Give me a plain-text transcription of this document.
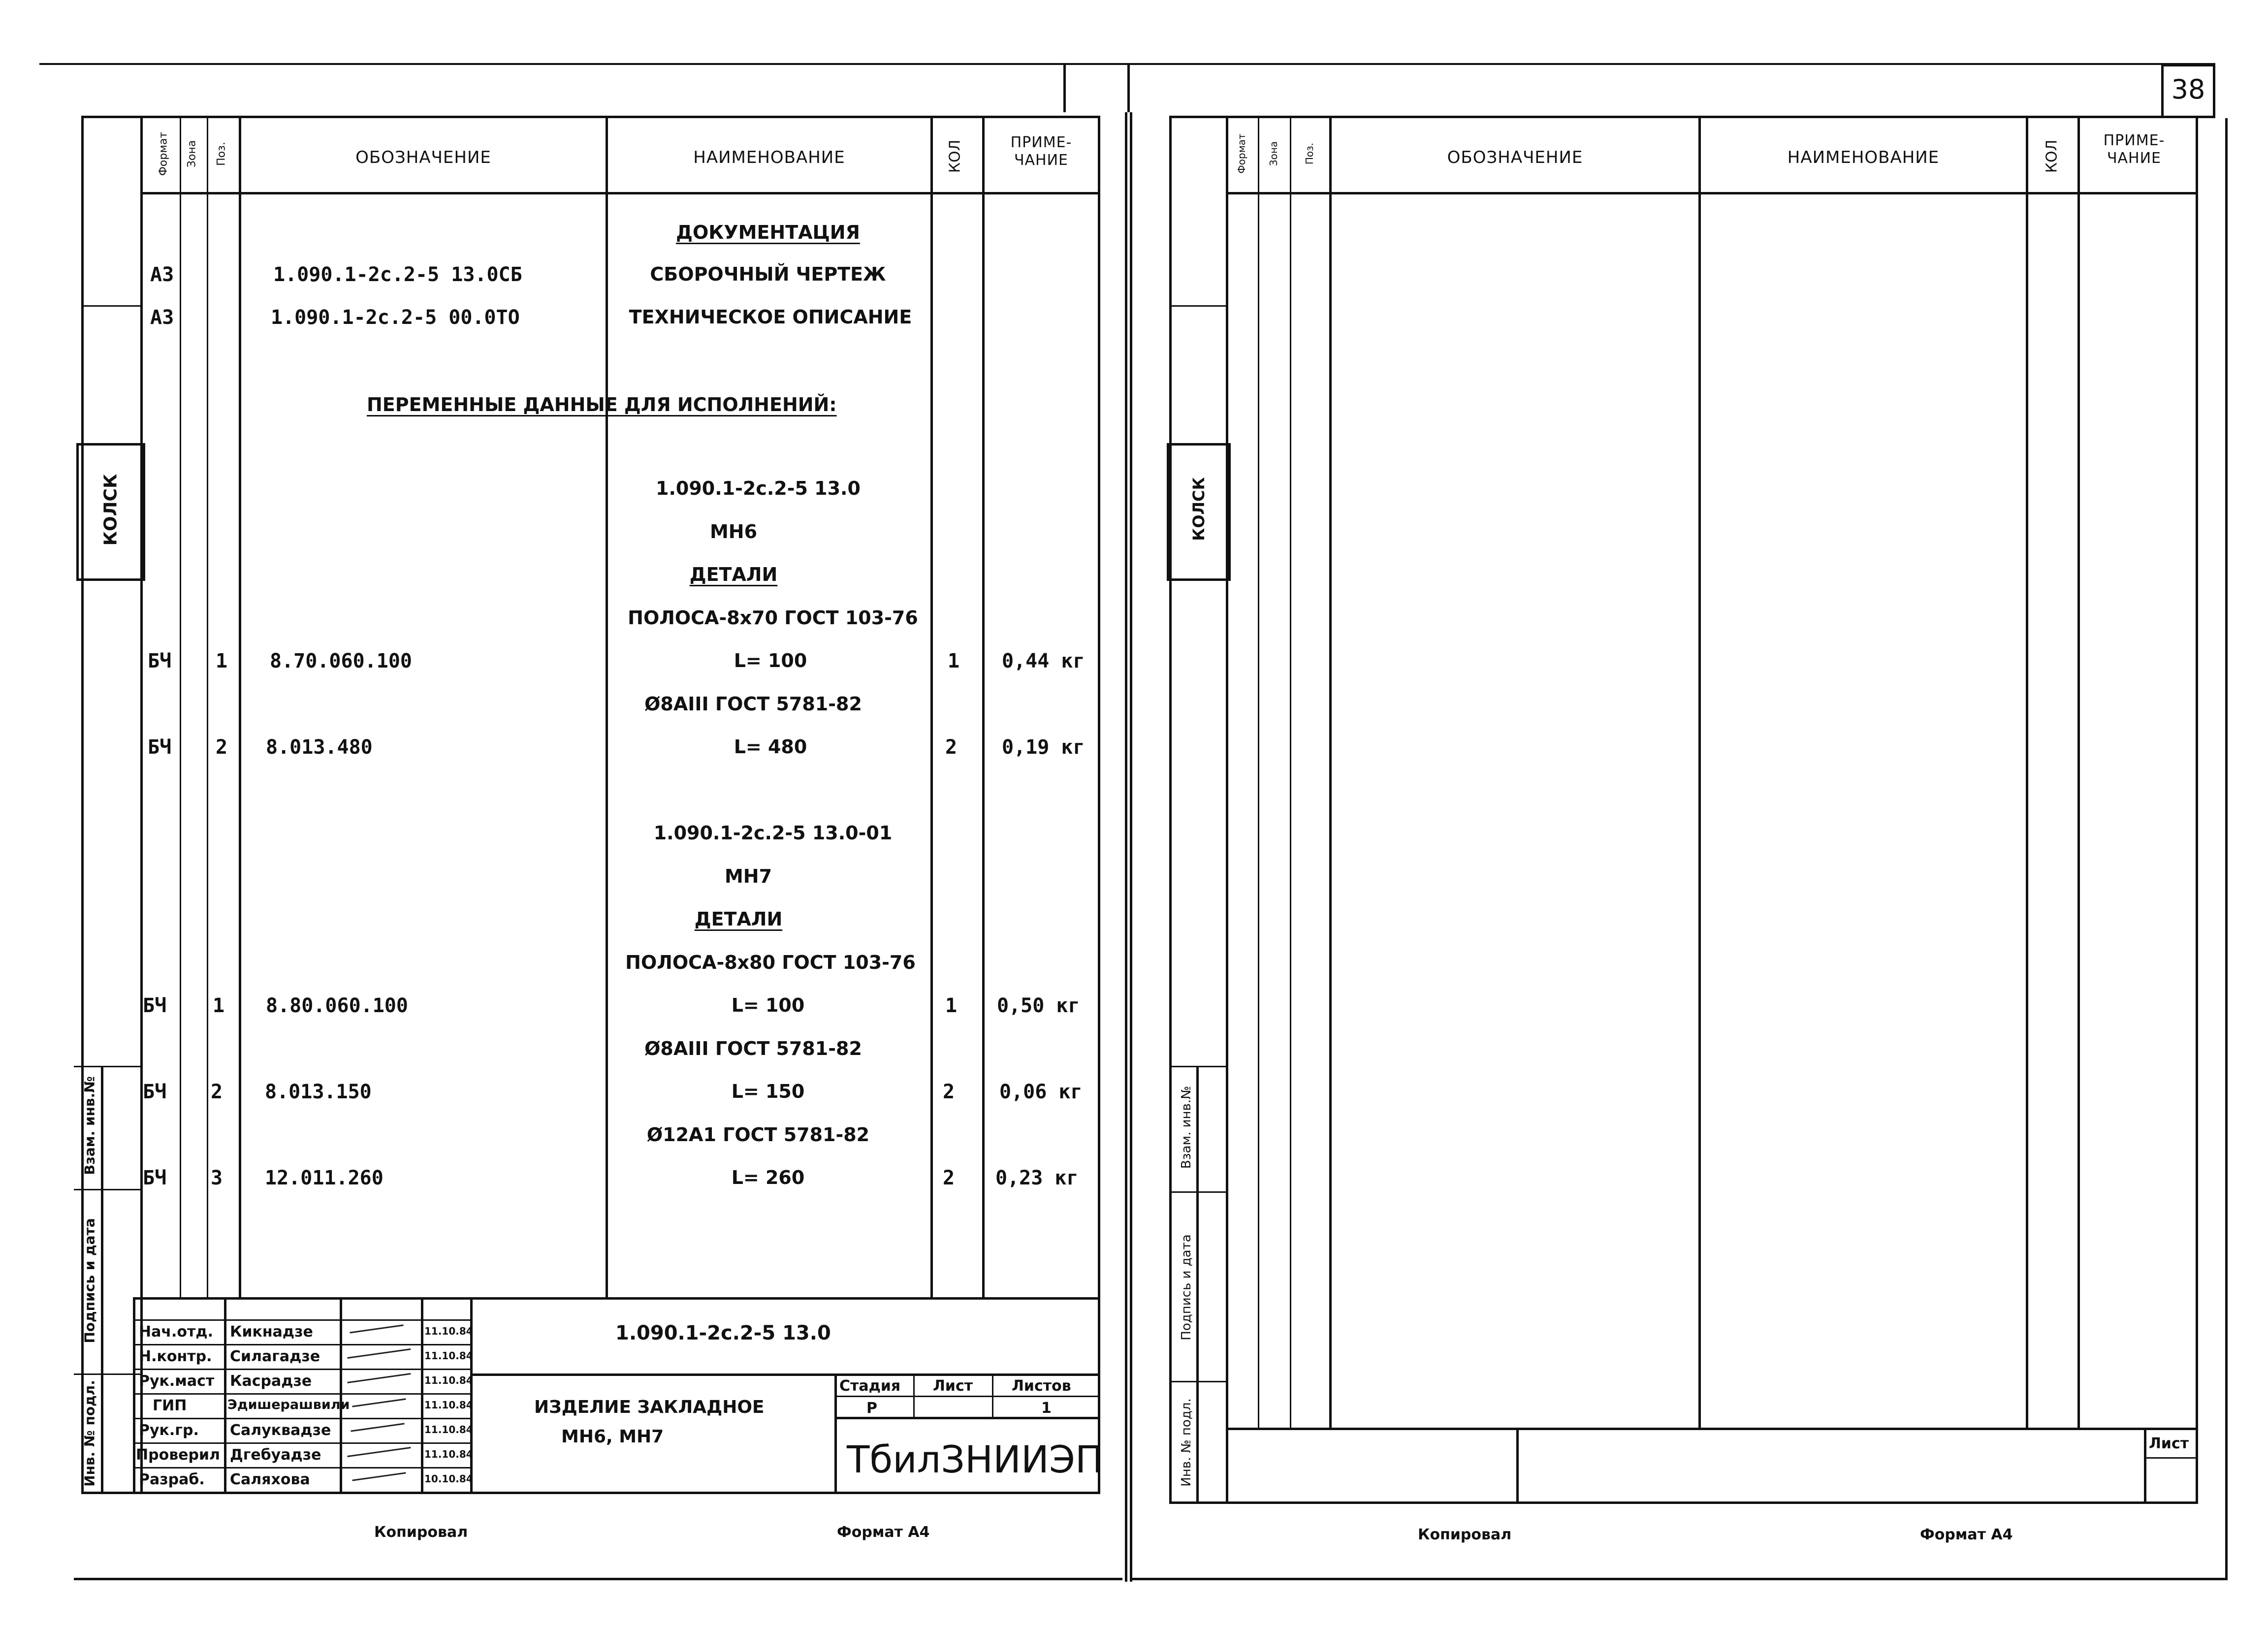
38
КОЛСК
Взам. инв.№
Подпись и дата
Инв. № подл.
Формат Зона Поз.	ОБОЗНАЧЕНИЕ	НАИМЕНОВАНИЕ	КОЛ	ПРИМЕ-ЧАНИЕ
ДОКУМЕНТАЦИЯ
А3	1.090.1-2с.2-5 13.0СБ	СБОРОЧНЫЙ ЧЕРТЕЖ
А3	1.090.1-2с.2-5 00.0ТО	ТЕХНИЧЕСКОЕ ОПИСАНИЕ
ПЕРЕМЕННЫЕ ДАННЫЕ ДЛЯ ИСПОЛНЕНИЙ:
1.090.1-2с.2-5 13.0
МН6
ДЕТАЛИ
ПОЛОСА-8х70 ГОСТ 103-76
БЧ 1 8.70.060.100	L= 100	1 0,44 кг
Ø8АIII ГОСТ 5781-82
БЧ 2 8.013.480	L= 480	2 0,19 кг
1.090.1-2с.2-5 13.0-01
МН7
ДЕТАЛИ
ПОЛОСА-8х80 ГОСТ 103-76
БЧ 1 8.80.060.100	L= 100	1 0,50 кг
Ø8АIII ГОСТ 5781-82
БЧ 2 8.013.150	L= 150	2 0,06 кг
Ø12А1 ГОСТ 5781-82
БЧ 3 12.011.260	L= 260	2 0,23 кг
Нач.отд. Кикнадзе	11.10.84
Н.контр. Силагадзе	11.10.84
Рук.маст Касрадзе	11.10.84
ГИП	Эдишерашвили	11.10.84
Рук.гр. Салуквадзе	11.10.84
Проверил Дгебуадзе	11.10.84
Разраб. Саляхова	10.10.84
1.090.1-2с.2-5 13.0
ИЗДЕЛИЕ ЗАКЛАДНОЕ
МН6, МН7
Стадия Лист	Листов
Р	1
ТбилЗНИИЭП
Копировал	Формат А4
КОЛСК
Взам. инв.№
Подпись и дата
Инв. № подл.
Формат Зона Поз.	ОБОЗНАЧЕНИЕ	НАИМЕНОВАНИЕ	КОЛ	ПРИМЕ-ЧАНИЕ
Лист
Копировал	Формат А4
